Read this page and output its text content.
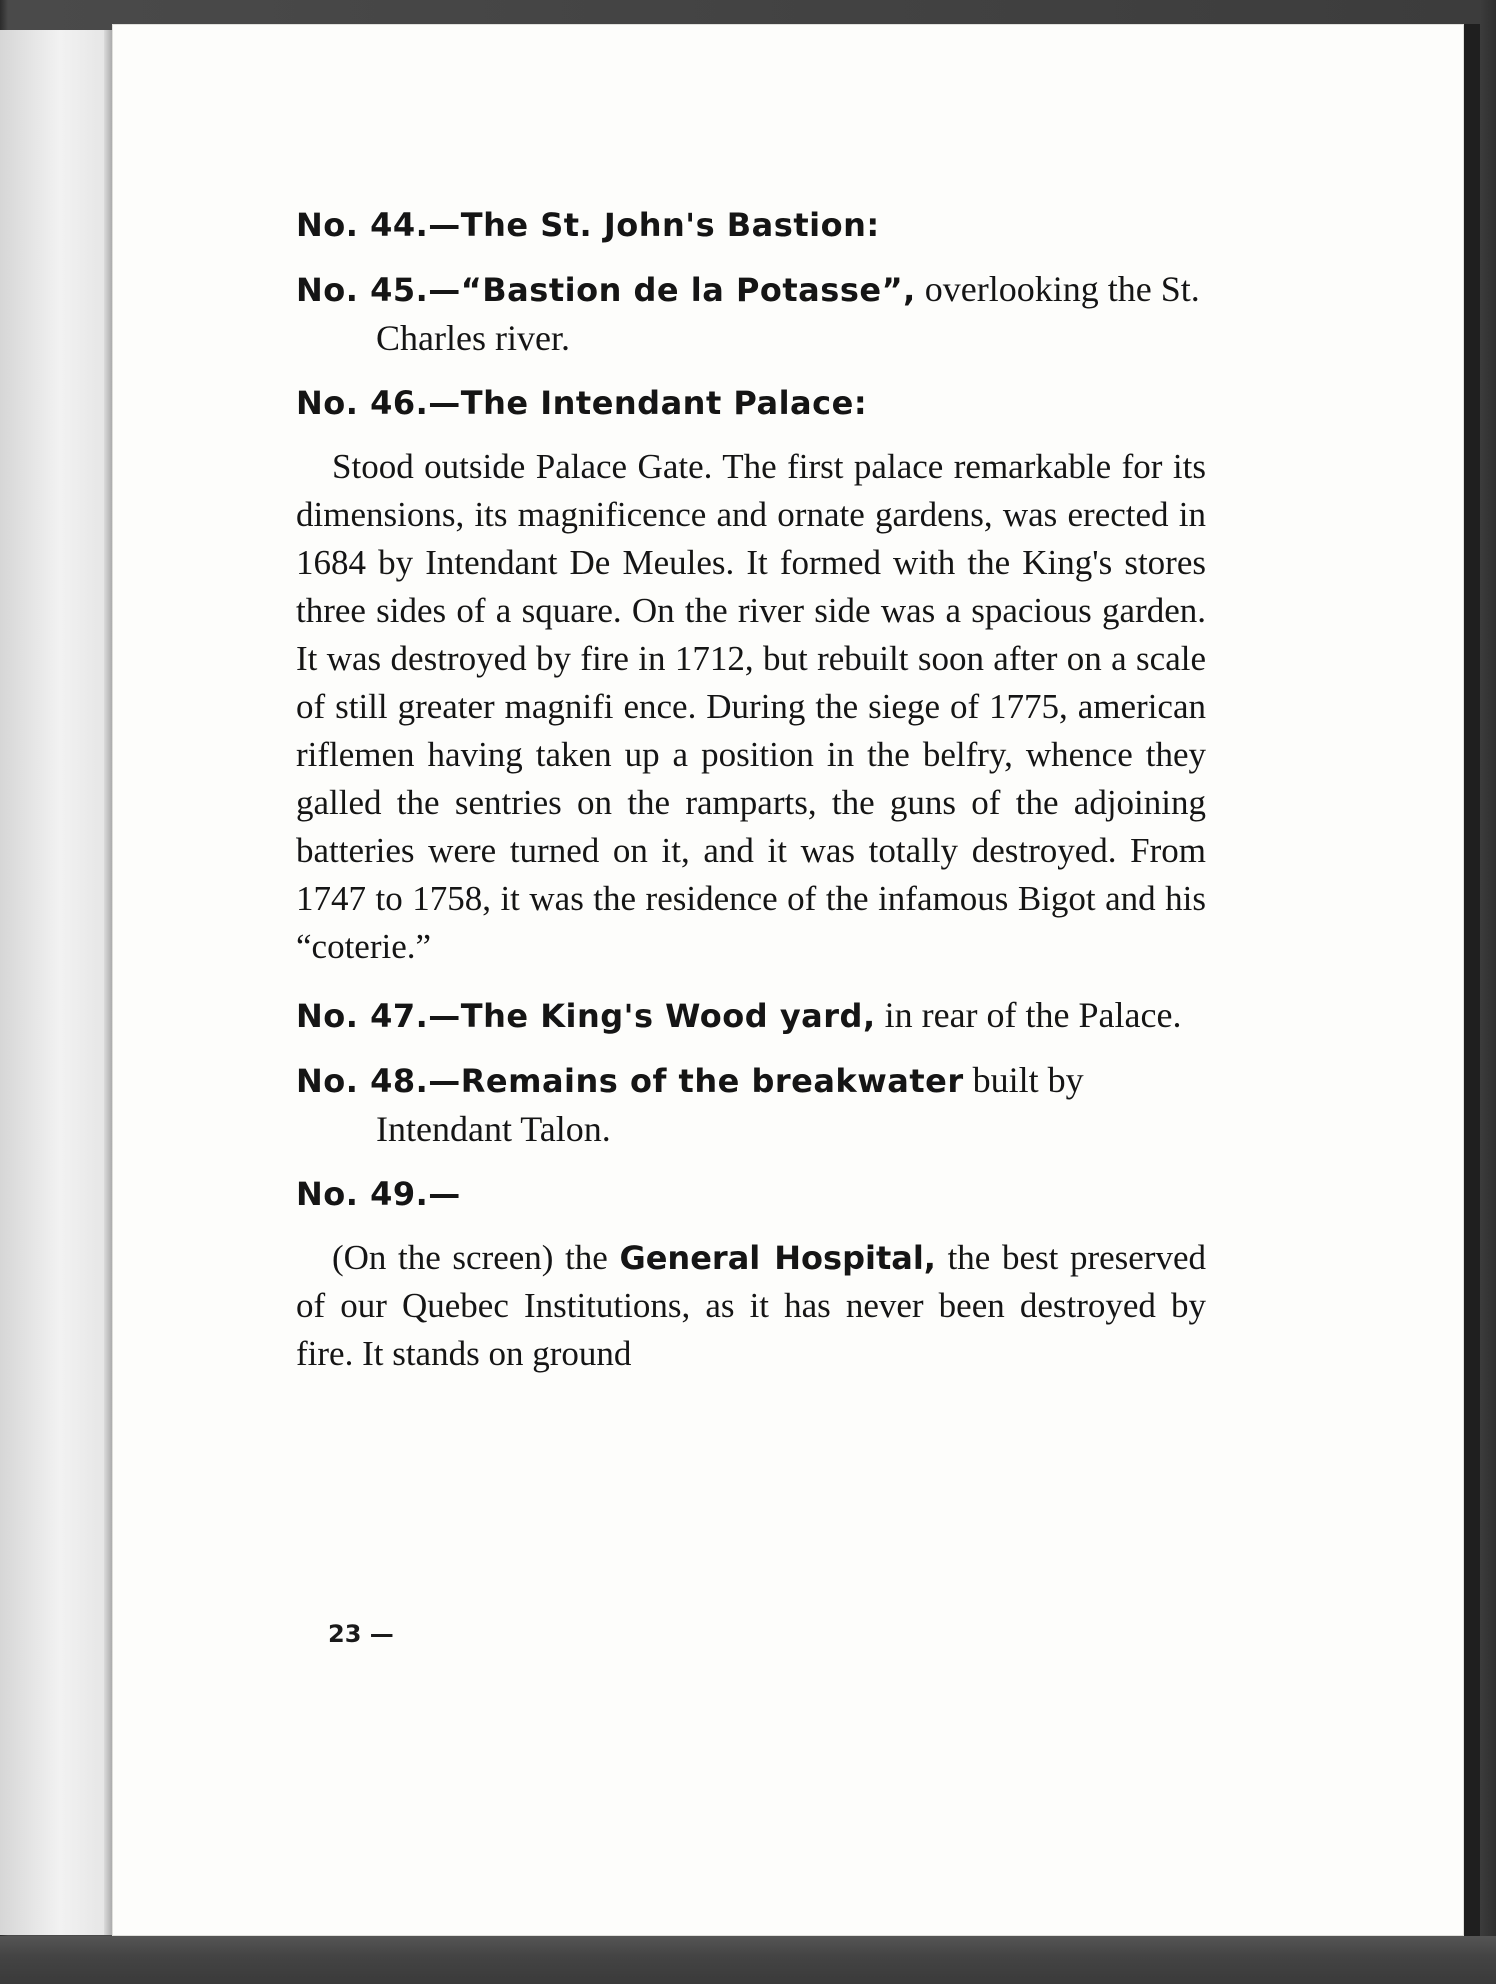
No. 44.—The St. John's Bastion:

No. 45.—“Bastion de la Potasse”, overlooking the St. Charles river.

No. 46.—The Intendant Palace:

Stood outside Palace Gate. The first palace remarkable for its dimensions, its magnificence and ornate gardens, was erected in 1684 by Intendant De Meules. It formed with the King's stores three sides of a square. On the river side was a spacious garden. It was destroyed by fire in 1712, but rebuilt soon after on a scale of still greater magnifi ence. During the siege of 1775, american riflemen having taken up a position in the belfry, whence they galled the sentries on the ramparts, the guns of the adjoining batteries were turned on it, and it was totally destroyed. From 1747 to 1758, it was the residence of the infamous Bigot and his “coterie.”

No. 47.—The King's Wood yard, in rear of the Palace.

No. 48.—Remains of the breakwater built by Intendant Talon.

No. 49.—

(On the screen) the General Hospital, the best preserved of our Quebec Institutions, as it has never been destroyed by fire. It stands on ground

23 —
